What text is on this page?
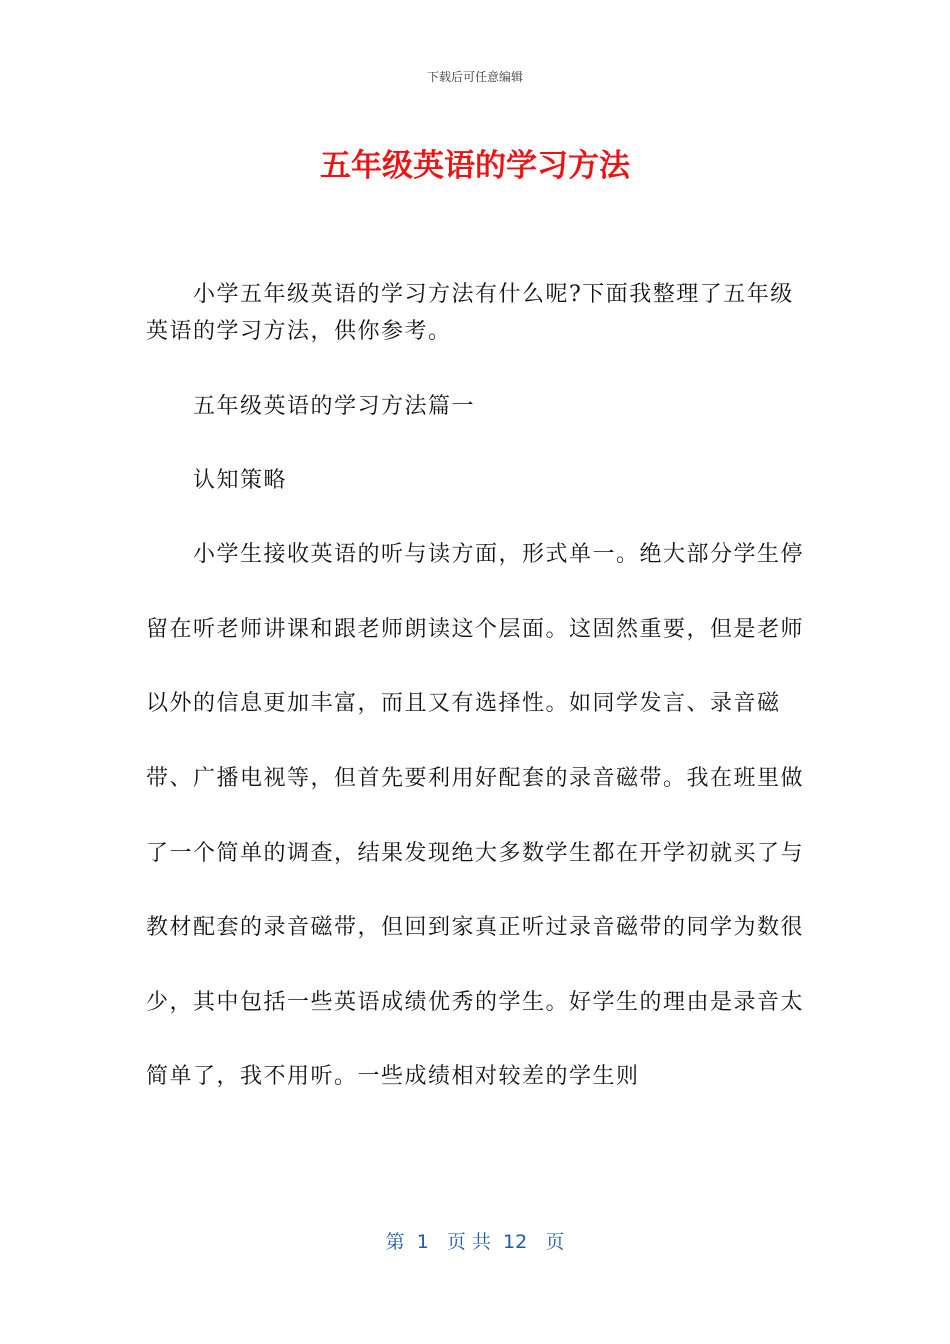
下载后可任意编辑
五年级英语的学习方法

小学五年级英语的学习方法有什么呢?下面我整理了五年级英语的学习方法，供你参考。

五年级英语的学习方法篇一

认知策略

小学生接收英语的听与读方面，形式单一。绝大部分学生停留在听老师讲课和跟老师朗读这个层面。这固然重要，但是老师以外的信息更加丰富，而且又有选择性。如同学发言、录音磁带、广播电视等，但首先要利用好配套的录音磁带。我在班里做了一个简单的调查，结果发现绝大多数学生都在开学初就买了与教材配套的录音磁带，但回到家真正听过录音磁带的同学为数很少，其中包括一些英语成绩优秀的学生。好学生的理由是录音太简单了，我不用听。一些成绩相对较差的学生则

第  1   页 共  12   页
